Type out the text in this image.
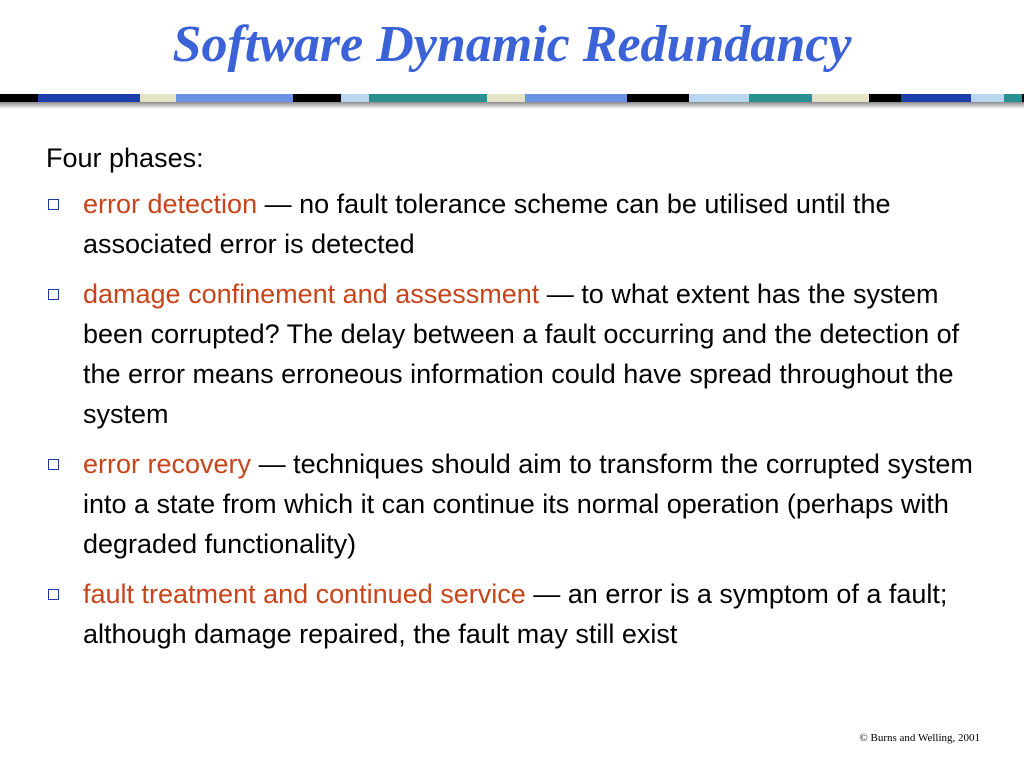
Software Dynamic Redundancy

Four phases:

error detection — no fault tolerance scheme can be utilised until the associated error is detected
damage confinement and assessment — to what extent has the system been corrupted? The delay between a fault occurring and the detection of the error means erroneous information could have spread throughout the system
error recovery — techniques should aim to transform the corrupted system into a state from which it can continue its normal operation (perhaps with degraded functionality)
fault treatment and continued service — an error is a symptom of a fault; although damage repaired, the fault may still exist
© Burns and Welling, 2001
